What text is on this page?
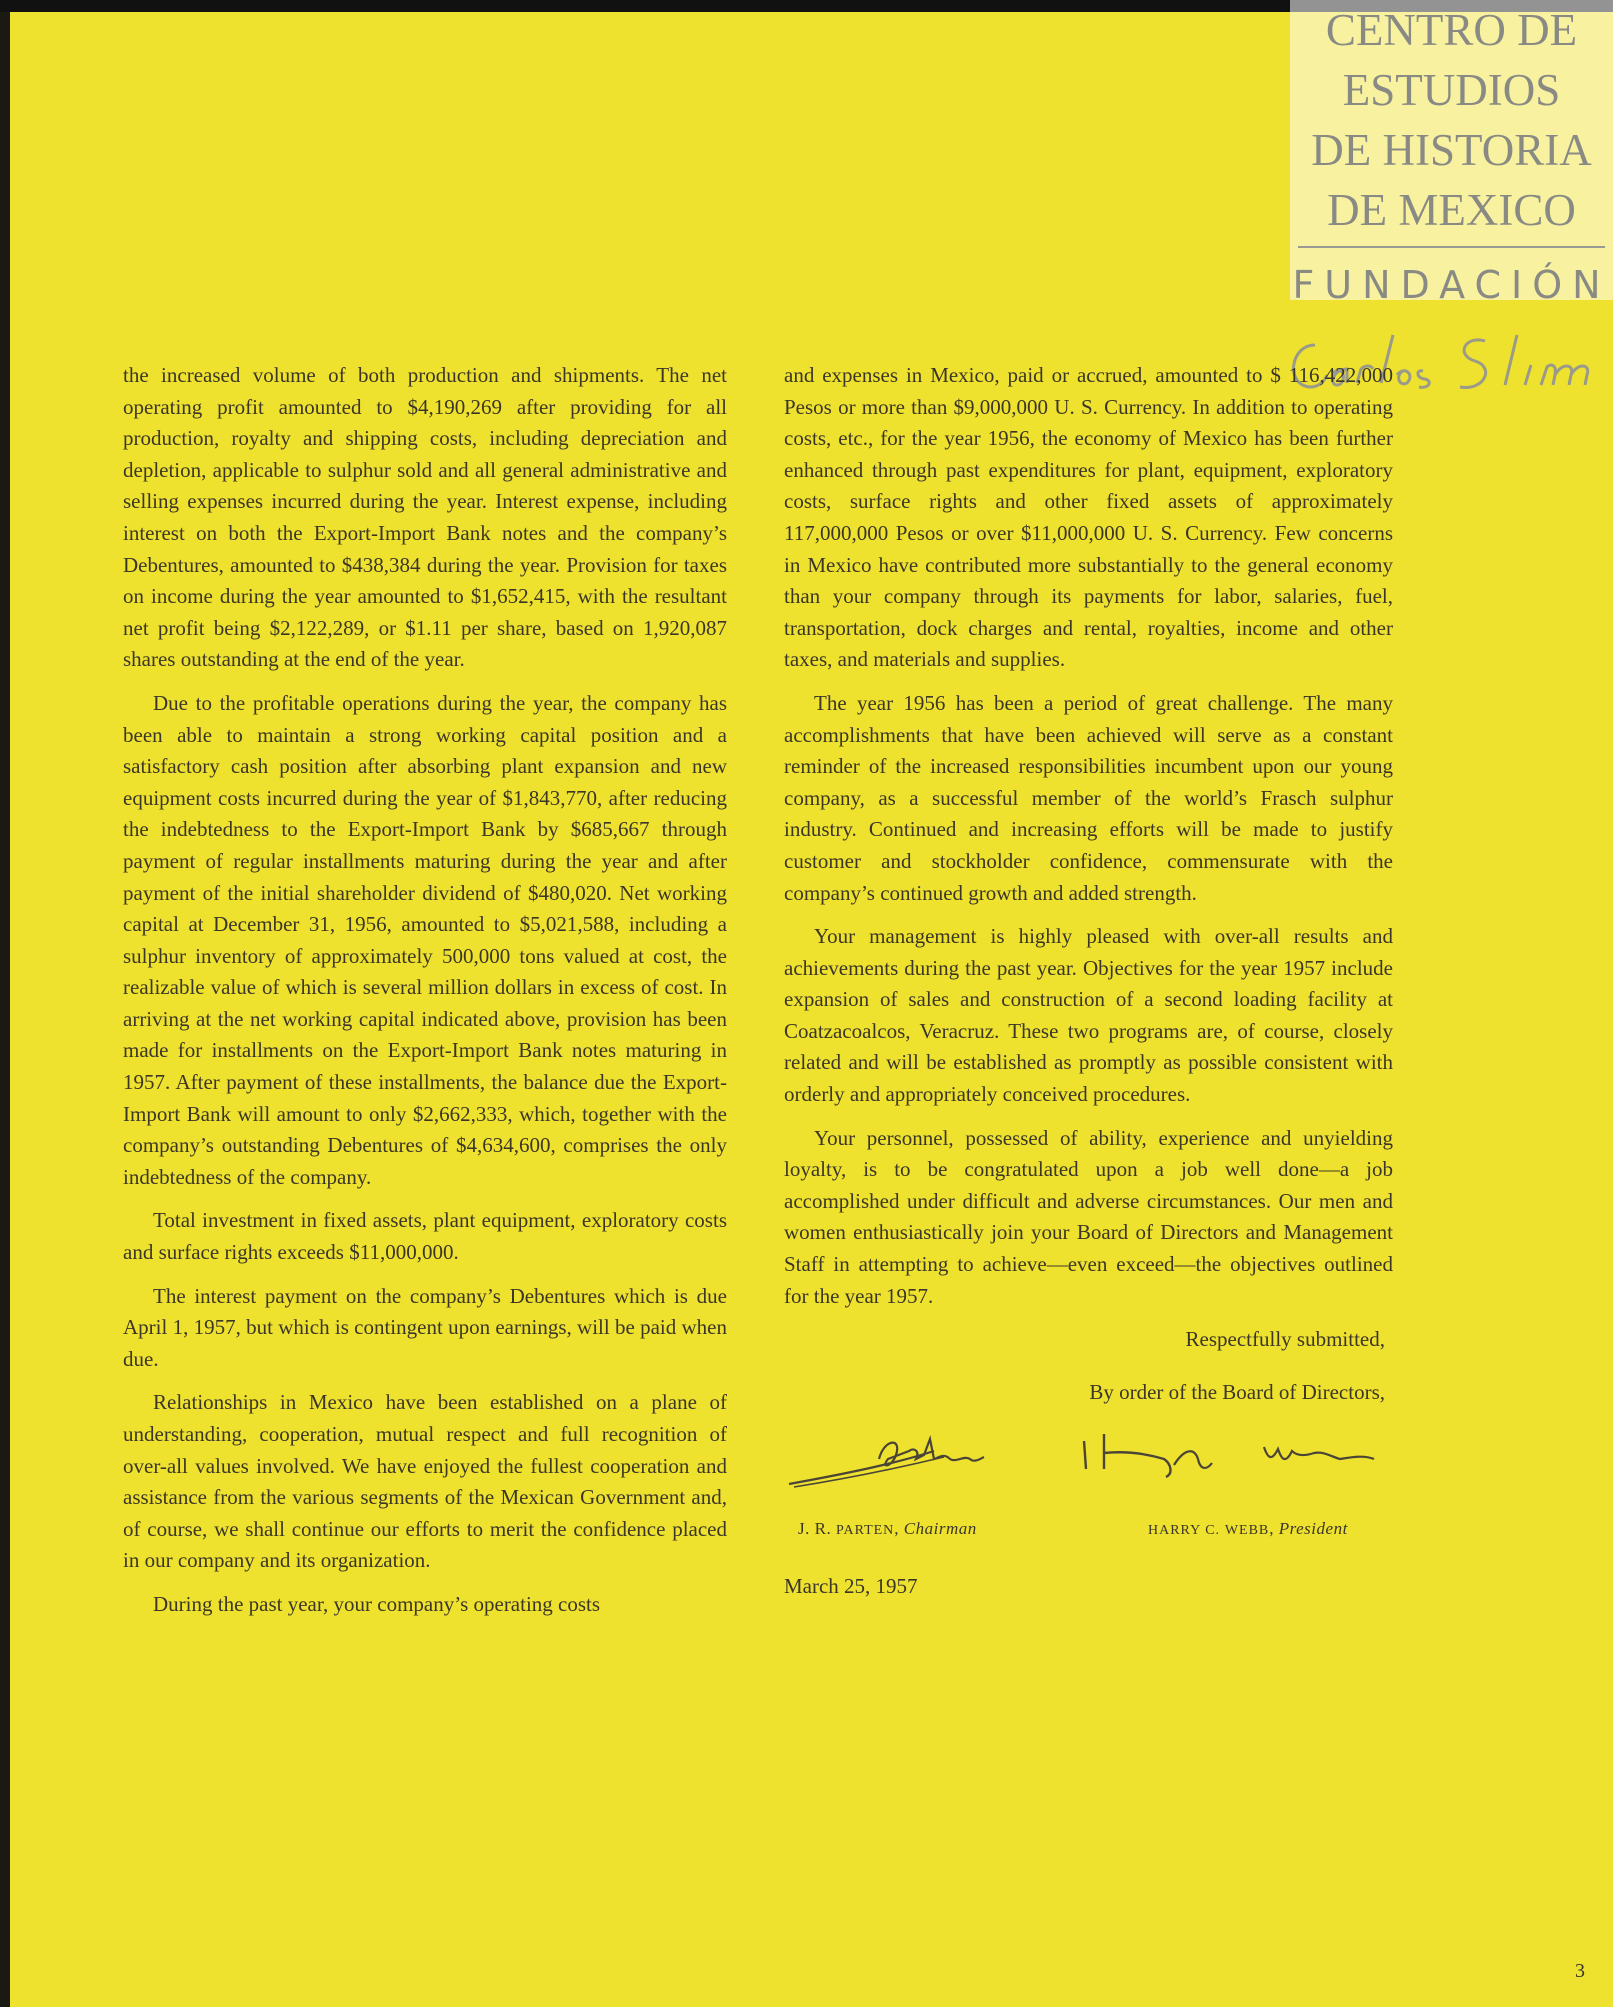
CENTRO DE
ESTUDIOS
DE HISTORIA
DE MEXICO
FUNDACIÓN

the increased volume of both production and shipments. The net operating profit amounted to $4,190,269 after providing for all production, royalty and shipping costs, including depreciation and depletion, applicable to sulphur sold and all general administrative and selling expenses incurred during the year. Interest expense, including interest on both the Export-Import Bank notes and the company’s Debentures, amounted to $438,384 during the year. Provision for taxes on income during the year amounted to $1,652,415, with the resultant net profit being $2,122,289, or $1.11 per share, based on 1,920,087 shares outstanding at the end of the year.

Due to the profitable operations during the year, the company has been able to maintain a strong working capital position and a satisfactory cash position after absorbing plant expansion and new equipment costs incurred during the year of $1,843,770, after reducing the indebtedness to the Export-Import Bank by $685,667 through payment of regular installments maturing during the year and after payment of the initial shareholder dividend of $480,020. Net working capital at December 31, 1956, amounted to $5,021,588, including a sulphur inventory of approximately 500,000 tons valued at cost, the realizable value of which is several million dollars in excess of cost. In arriving at the net working capital indicated above, provision has been made for installments on the Export-Import Bank notes maturing in 1957. After payment of these installments, the balance due the Export-Import Bank will amount to only $2,662,333, which, together with the company’s outstanding Debentures of $4,634,600, comprises the only indebtedness of the company.

Total investment in fixed assets, plant equipment, exploratory costs and surface rights exceeds $11,000,000.

The interest payment on the company’s Debentures which is due April 1, 1957, but which is contingent upon earnings, will be paid when due.

Relationships in Mexico have been established on a plane of understanding, cooperation, mutual respect and full recognition of over-all values involved. We have enjoyed the fullest cooperation and assistance from the various segments of the Mexican Government and, of course, we shall continue our efforts to merit the confidence placed in our company and its organization.

During the past year, your company’s operating costs

and expenses in Mexico, paid or accrued, amounted to $ 116,422,000 Pesos or more than $9,000,000 U. S. Currency. In addition to operating costs, etc., for the year 1956, the economy of Mexico has been further enhanced through past expenditures for plant, equipment, exploratory costs, surface rights and other fixed assets of approximately 117,000,000 Pesos or over $11,000,000 U. S. Currency. Few concerns in Mexico have contributed more substantially to the general economy than your company through its payments for labor, salaries, fuel, transportation, dock charges and rental, royalties, income and other taxes, and materials and supplies.

The year 1956 has been a period of great challenge. The many accomplishments that have been achieved will serve as a constant reminder of the increased responsibilities incumbent upon our young company, as a successful member of the world’s Frasch sulphur industry. Continued and increasing efforts will be made to justify customer and stockholder confidence, commensurate with the company’s continued growth and added strength.

Your management is highly pleased with over-all results and achievements during the past year. Objectives for the year 1957 include expansion of sales and construction of a second loading facility at Coatzacoalcos, Veracruz. These two programs are, of course, closely related and will be established as promptly as possible consistent with orderly and appropriately conceived procedures.

Your personnel, possessed of ability, experience and unyielding loyalty, is to be congratulated upon a job well done—a job accomplished under difficult and adverse circumstances. Our men and women enthusiastically join your Board of Directors and Management Staff in attempting to achieve—even exceed—the objectives outlined for the year 1957.

Respectfully submitted,
By order of the Board of Directors,
J. R. PARTEN, Chairman	HARRY C. WEBB, President
March 25, 1957
3
